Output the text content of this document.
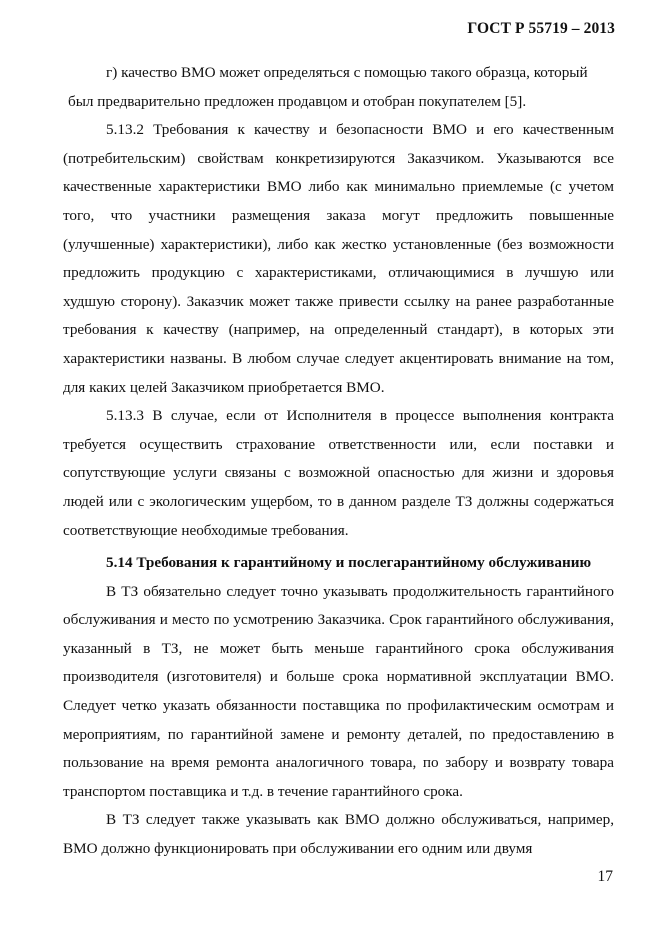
ГОСТ Р 55719 – 2013

г) качество ВМО может определяться с помощью такого образца, который
был предварительно предложен продавцом и отобран покупателем [5].

5.13.2 Требования к качеству и безопасности ВМО и его качественным (потребительским) свойствам конкретизируются Заказчиком. Указываются все качественные характеристики ВМО либо как минимально приемлемые (с учетом того, что участники размещения заказа могут предложить повышенные (улучшенные) характеристики), либо как жестко установленные (без возможности предложить продукцию с характеристиками, отличающимися в лучшую или худшую сторону). Заказчик может также привести ссылку на ранее разработанные требования к качеству (например, на определенный стандарт), в которых эти характеристики названы. В любом случае следует акцентировать внимание на том, для каких целей Заказчиком приобретается ВМО.

5.13.3 В случае, если от Исполнителя в процессе выполнения контракта требуется осуществить страхование ответственности или, если поставки и сопутствующие услуги связаны с возможной опасностью для жизни и здоровья людей или с экологическим ущербом, то в данном разделе ТЗ должны содержаться соответствующие необходимые требования.

5.14 Требования к гарантийному и послегарантийному обслуживанию

В ТЗ обязательно следует точно указывать продолжительность гарантийного обслуживания и место по усмотрению Заказчика. Срок гарантийного обслуживания, указанный в ТЗ, не может быть меньше гарантийного срока обслуживания производителя (изготовителя) и больше срока нормативной эксплуатации ВМО. Следует четко указать обязанности поставщика по профилактическим осмотрам и мероприятиям, по гарантийной замене и ремонту деталей, по предоставлению в пользование на время ремонта аналогичного товара, по забору и возврату товара транспортом поставщика и т.д. в течение гарантийного срока.

В ТЗ следует также указывать как ВМО должно обслуживаться, например, ВМО должно функционировать при обслуживании его одним или двумя

17
